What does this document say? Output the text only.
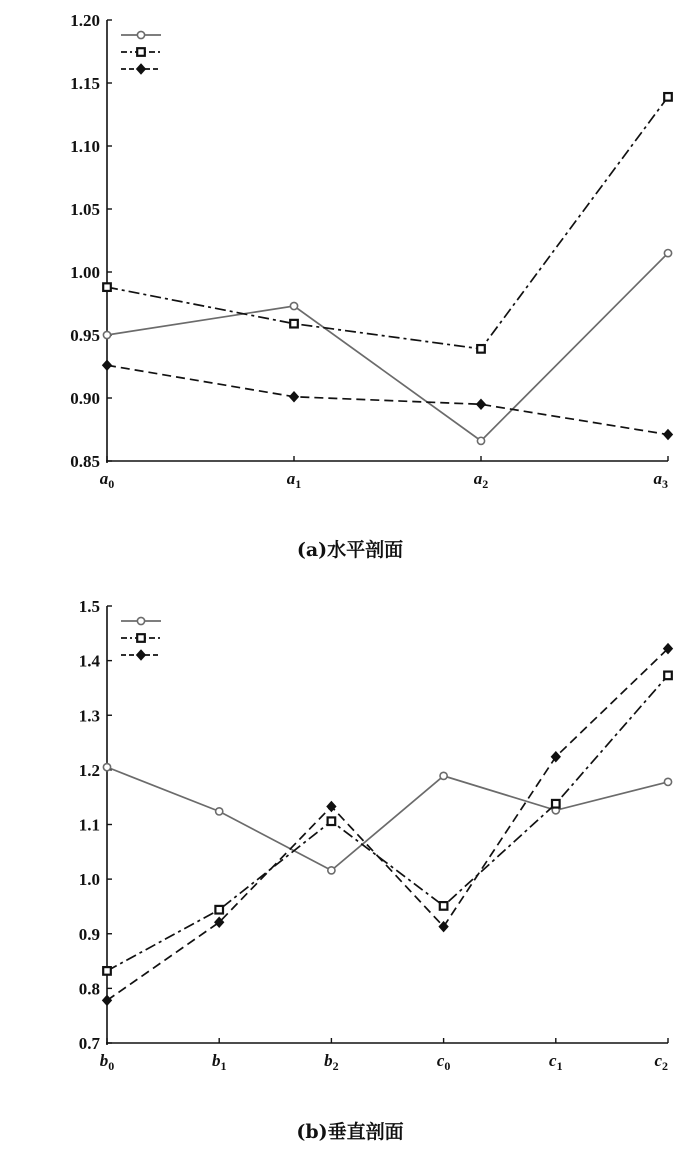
0.85
0.90
0.95
1.00
1.05
1.10
1.15
1.20
$a_0$	$a_1$	$a_2$	$a_3$
(a)水平剖面
0.7
0.8
0.9
1.0
1.1
1.2
1.3
1.4
1.5
$b_0$	$b_1$	$b_2$	$c_0$	$c_1$	$c_2$
(b)垂直剖面
